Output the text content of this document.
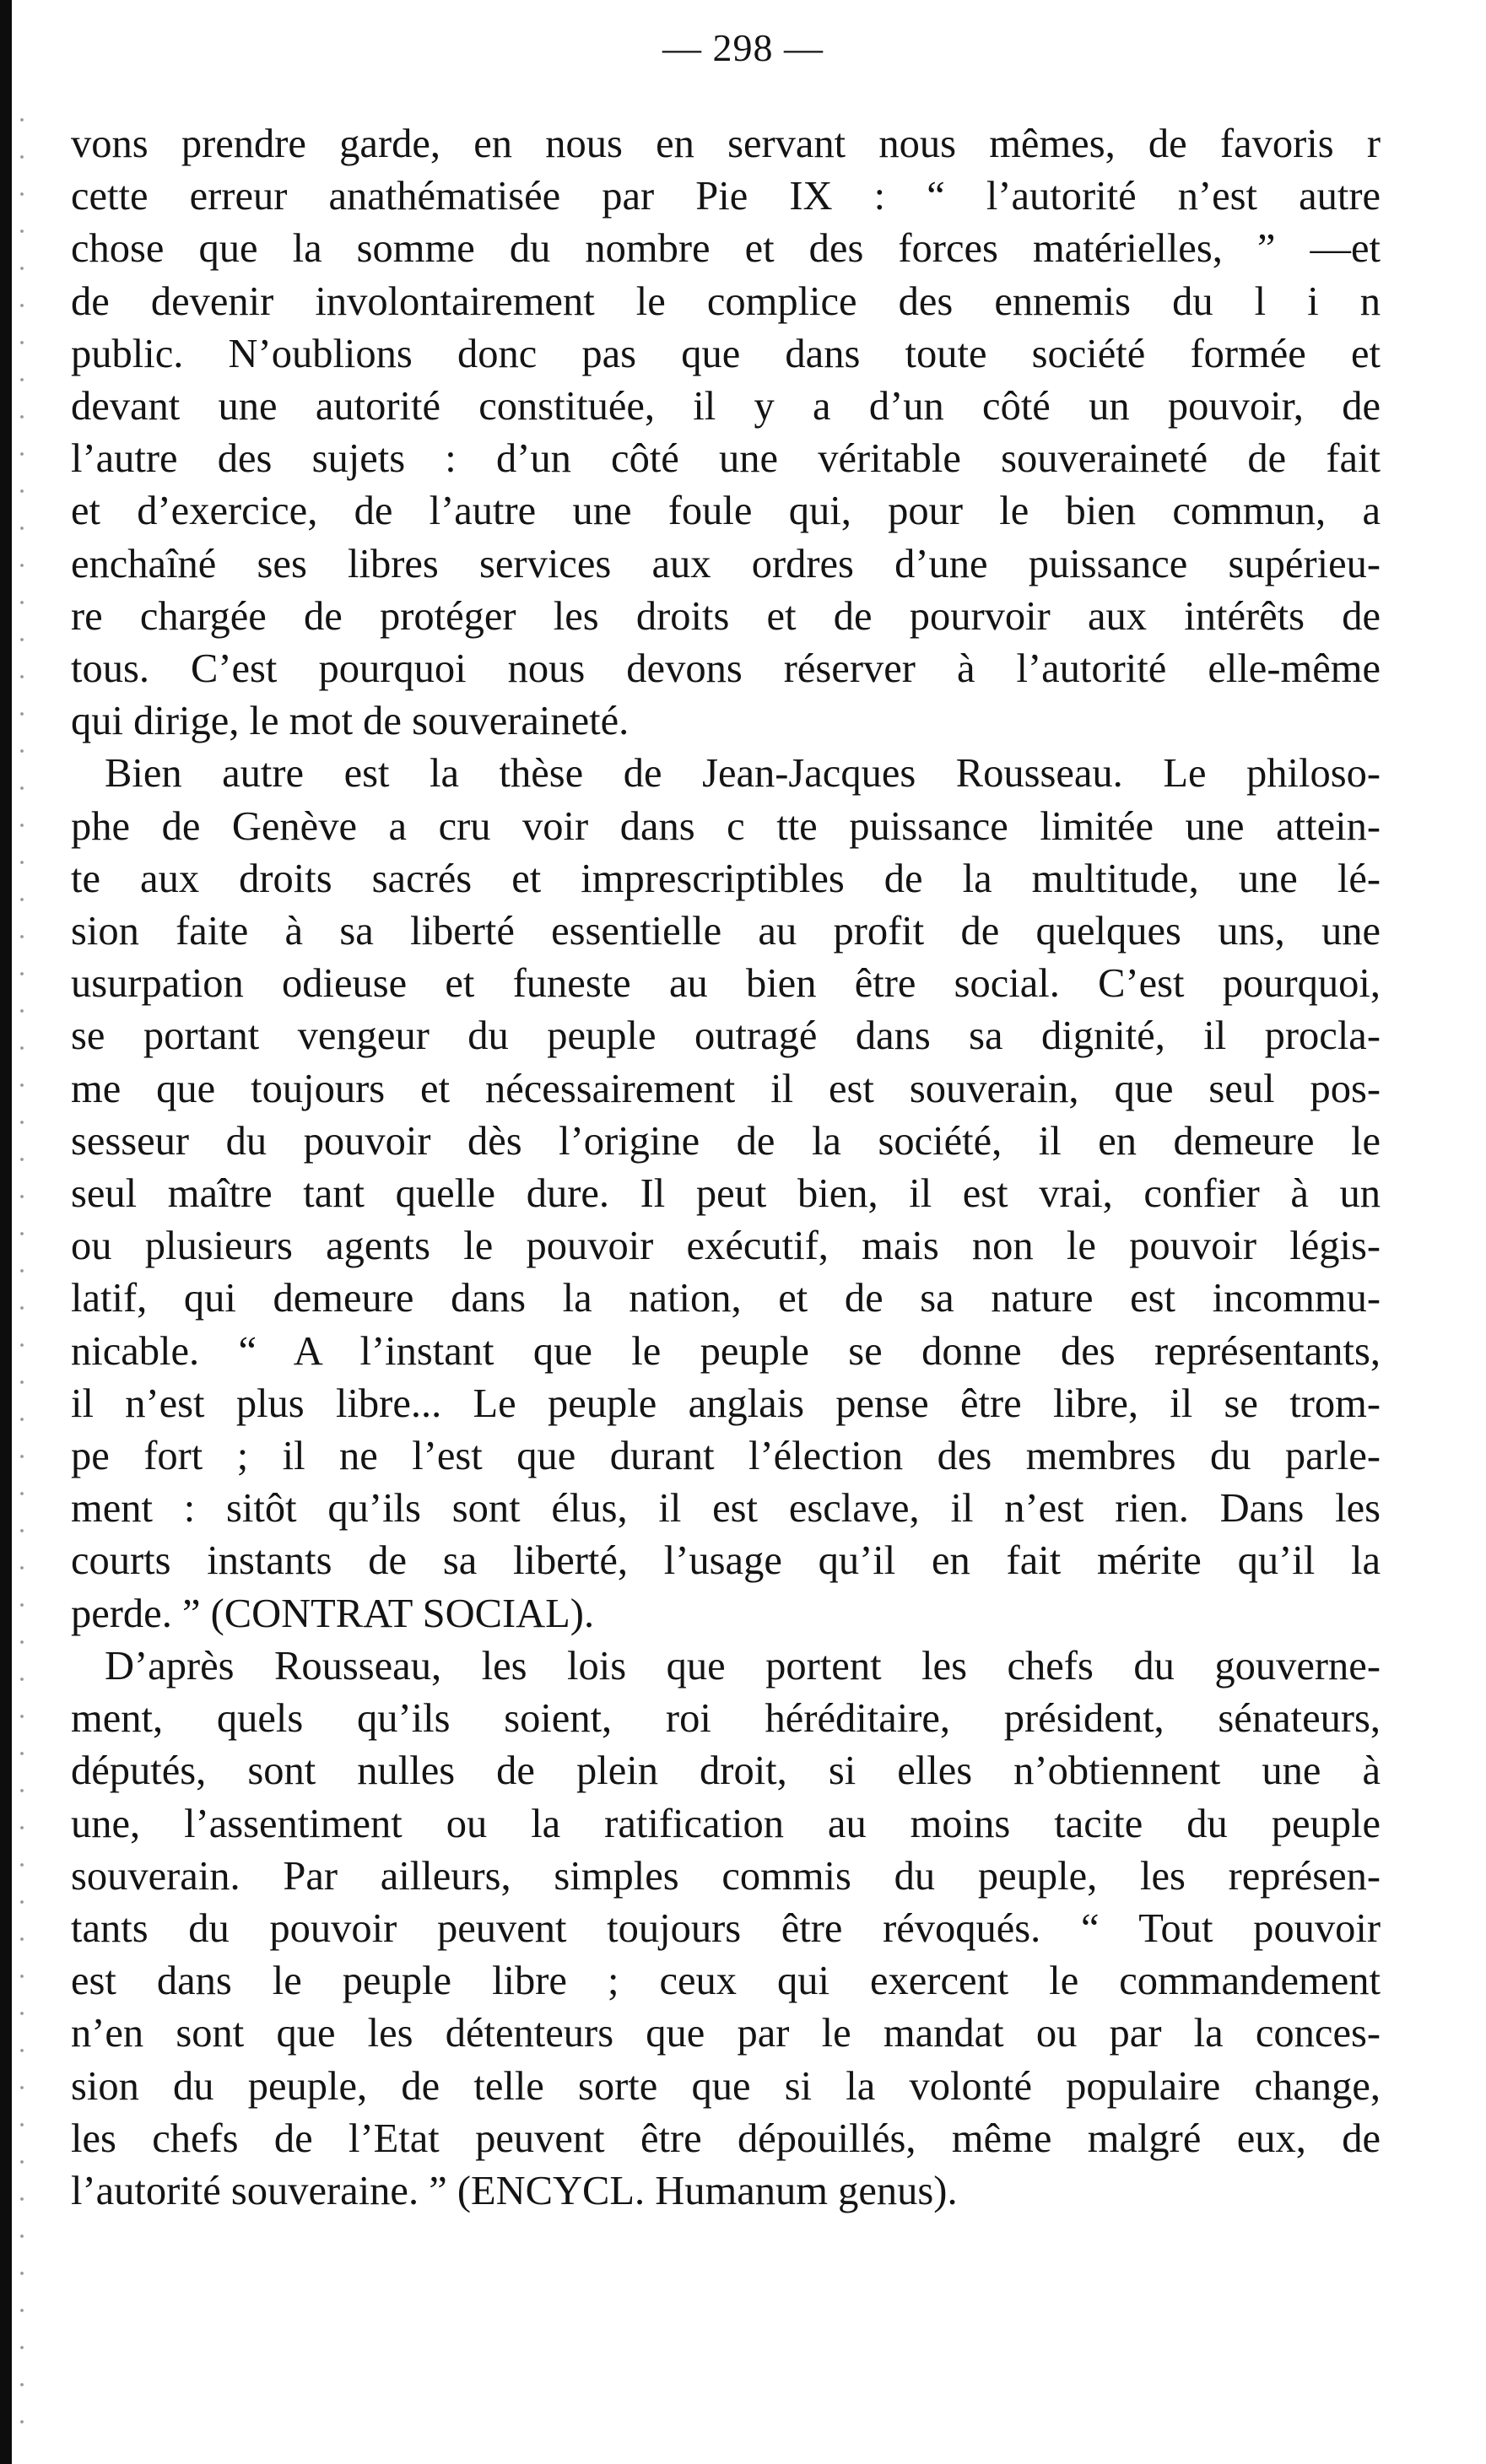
— 298 —
vons prendre garde, en nous en servant nous mêmes, de favoris r
cette erreur anathématisée par Pie IX : “ l’autorité n’est autre
chose que la somme du nombre et des forces matérielles, ” —et
de devenir involontairement le complice des ennemis du l i n
public. N’oublions donc pas que dans toute société formée et
devant une autorité constituée, il y a d’un côté un pouvoir, de
l’autre des sujets : d’un côté une véritable souveraineté de fait
et d’exercice, de l’autre une foule qui, pour le bien commun, a
enchaîné ses libres services aux ordres d’une puissance supérieu-
re chargée de protéger les droits et de pourvoir aux intérêts de
tous. C’est pourquoi nous devons réserver à l’autorité elle-même
qui dirige, le mot de souveraineté.
Bien autre est la thèse de Jean-Jacques Rousseau. Le philoso-
phe de Genève a cru voir dans c tte puissance limitée une attein-
te aux droits sacrés et imprescriptibles de la multitude, une lé-
sion faite à sa liberté essentielle au profit de quelques uns, une
usurpation odieuse et funeste au bien être social. C’est pourquoi,
se portant vengeur du peuple outragé dans sa dignité, il procla-
me que toujours et nécessairement il est souverain, que seul pos-
sesseur du pouvoir dès l’origine de la société, il en demeure le
seul maître tant quelle dure. Il peut bien, il est vrai, confier à un
ou plusieurs agents le pouvoir exécutif, mais non le pouvoir légis-
latif, qui demeure dans la nation, et de sa nature est incommu-
nicable. “ A l’instant que le peuple se donne des représentants,
il n’est plus libre... Le peuple anglais pense être libre, il se trom-
pe fort ; il ne l’est que durant l’élection des membres du parle-
ment : sitôt qu’ils sont élus, il est esclave, il n’est rien. Dans les
courts instants de sa liberté, l’usage qu’il en fait mérite qu’il la
perde. ” (CONTRAT SOCIAL).
D’après Rousseau, les lois que portent les chefs du gouverne-
ment, quels qu’ils soient, roi héréditaire, président, sénateurs,
députés, sont nulles de plein droit, si elles n’obtiennent une à
une, l’assentiment ou la ratification au moins tacite du peuple
souverain. Par ailleurs, simples commis du peuple, les représen-
tants du pouvoir peuvent toujours être révoqués. “ Tout pouvoir
est dans le peuple libre ; ceux qui exercent le commandement
n’en sont que les détenteurs que par le mandat ou par la conces-
sion du peuple, de telle sorte que si la volonté populaire change,
les chefs de l’Etat peuvent être dépouillés, même malgré eux, de
l’autorité souveraine. ” (ENCYCL. Humanum genus).
